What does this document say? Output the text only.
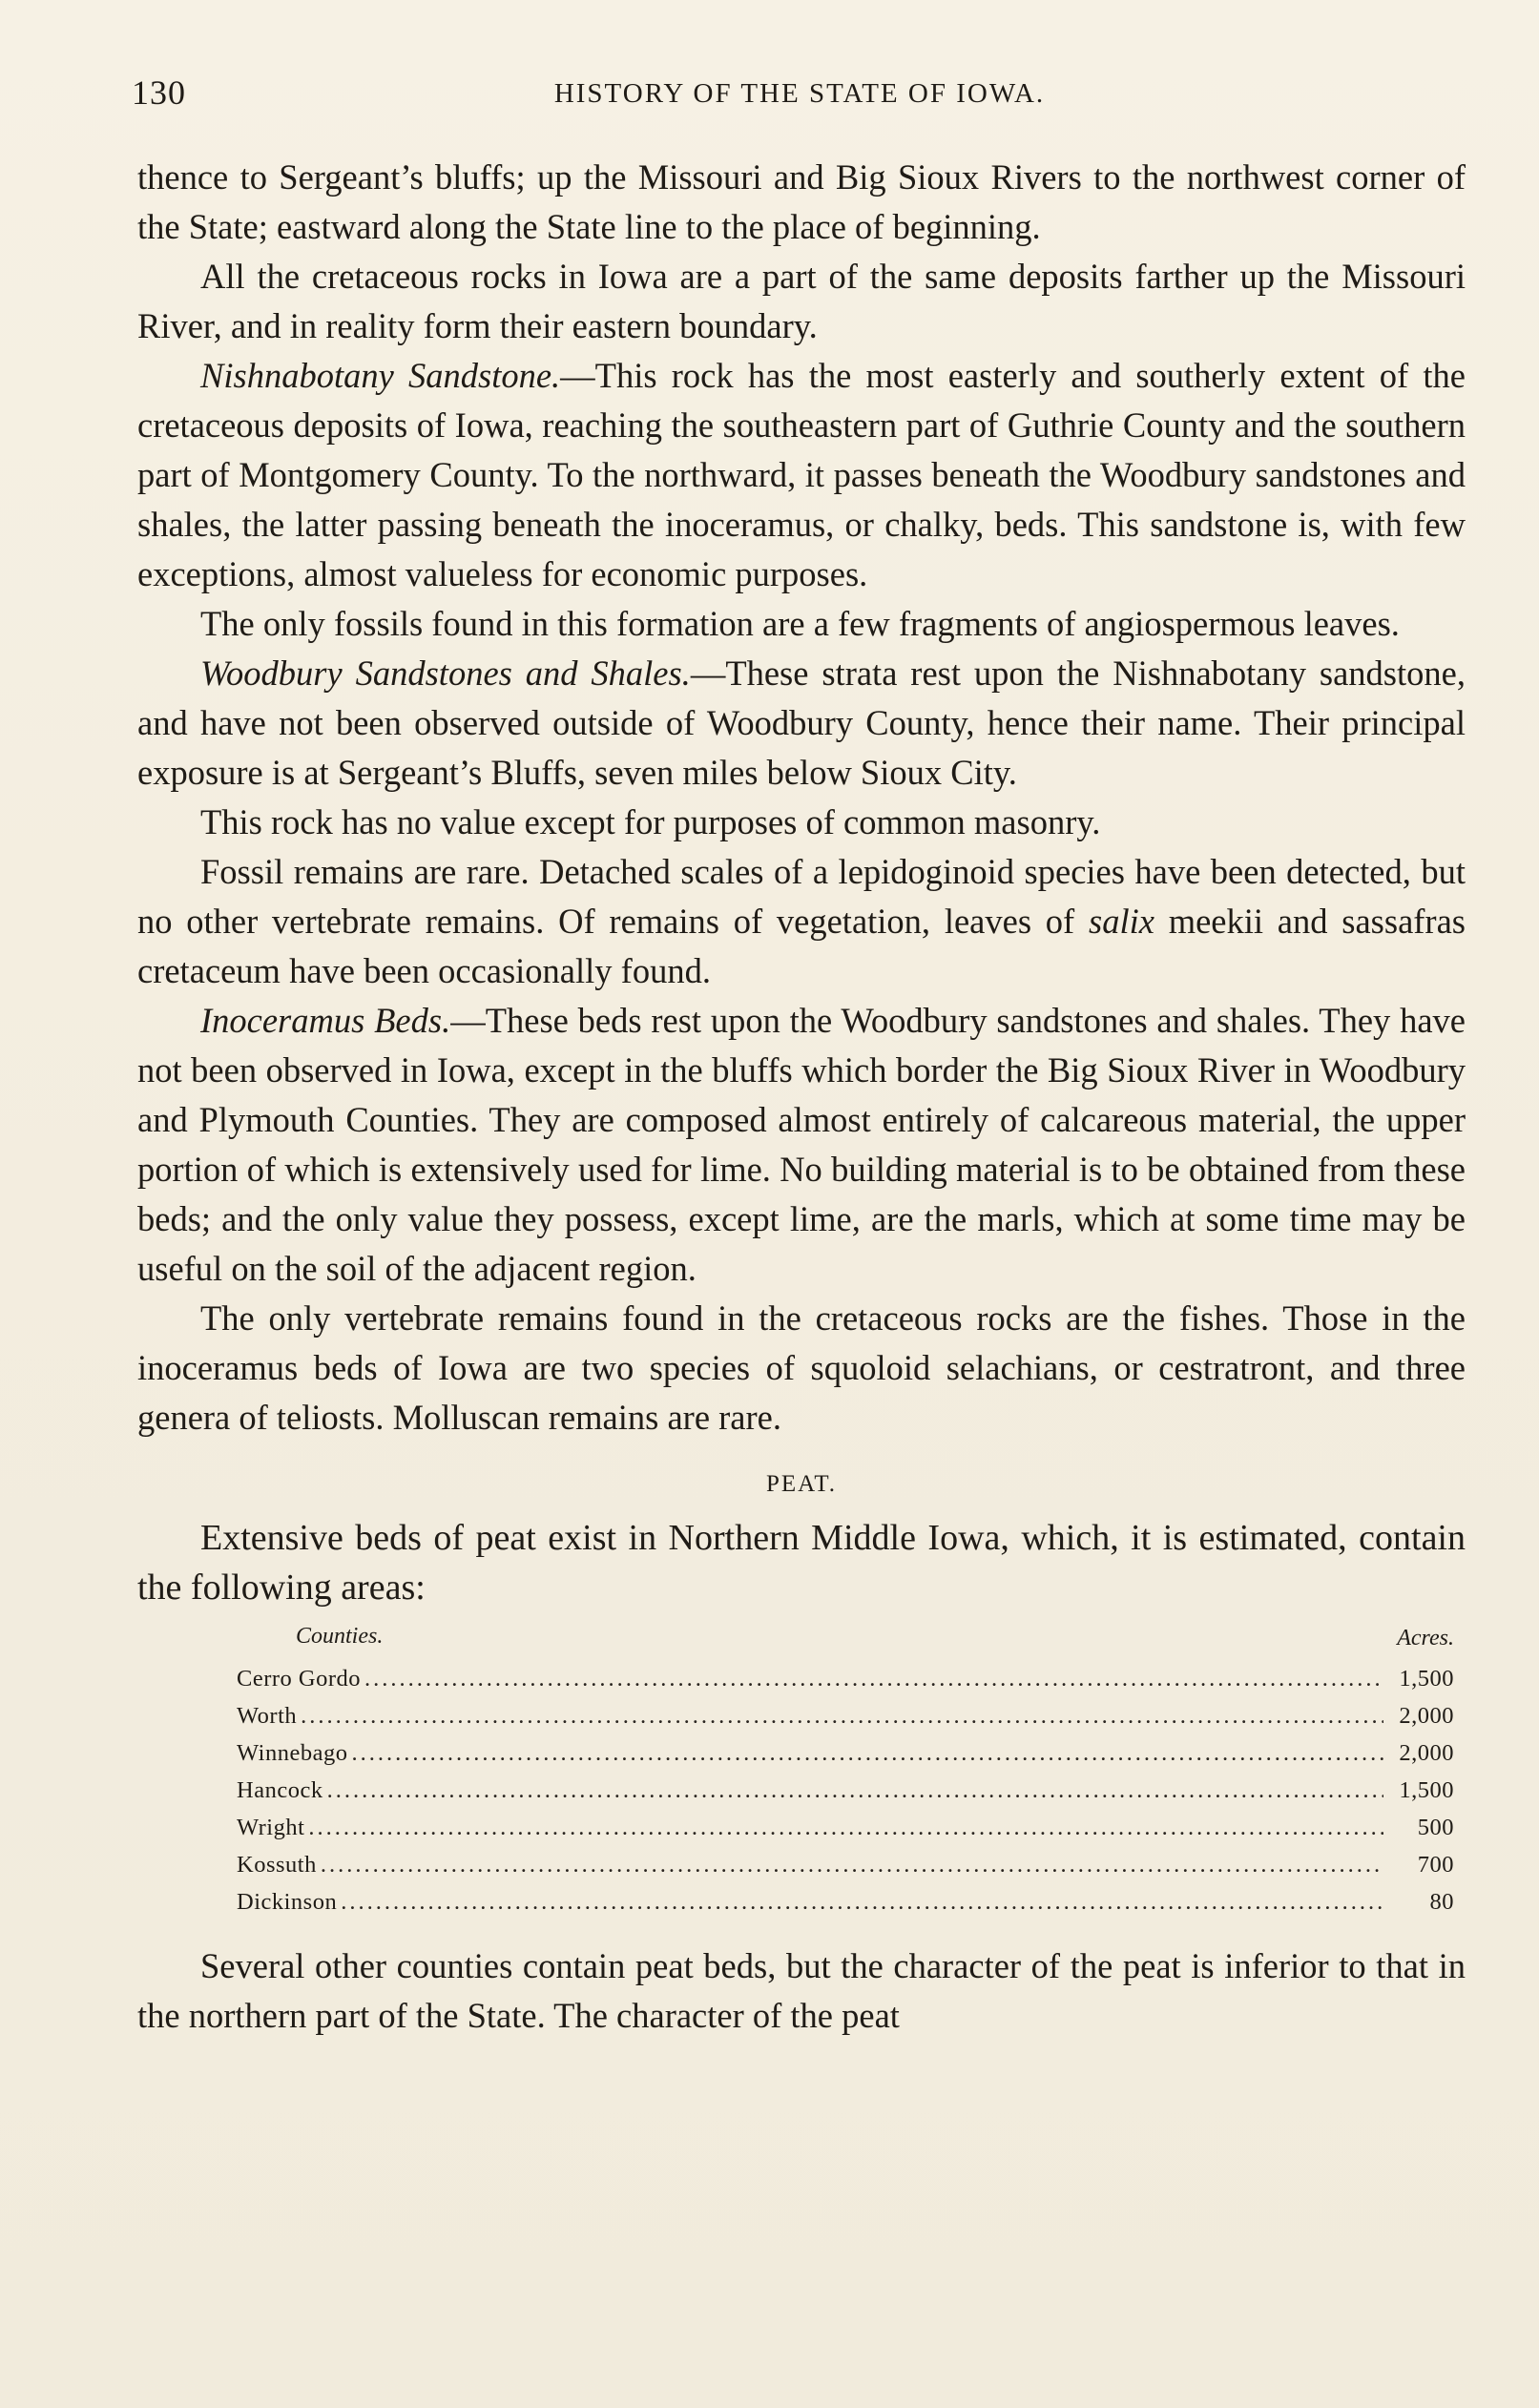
130	HISTORY OF THE STATE OF IOWA.

thence to Sergeant’s bluffs; up the Missouri and Big Sioux Rivers to the northwest corner of the State; eastward along the State line to the place of beginning.

All the cretaceous rocks in Iowa are a part of the same deposits farther up the Missouri River, and in reality form their eastern boundary.

Nishnabotany Sandstone.—This rock has the most easterly and southerly extent of the cretaceous deposits of Iowa, reaching the southeastern part of Guthrie County and the southern part of Montgomery County. To the northward, it passes beneath the Woodbury sandstones and shales, the latter passing beneath the inoceramus, or chalky, beds. This sandstone is, with few exceptions, almost valueless for economic purposes.

The only fossils found in this formation are a few fragments of angiospermous leaves.

Woodbury Sandstones and Shales.—These strata rest upon the Nishnabotany sandstone, and have not been observed outside of Woodbury County, hence their name. Their principal exposure is at Sergeant’s Bluffs, seven miles below Sioux City.

This rock has no value except for purposes of common masonry.

Fossil remains are rare. Detached scales of a lepidoginoid species have been detected, but no other vertebrate remains. Of remains of vegetation, leaves of salix meekii and sassafras cretaceum have been occasionally found.

Inoceramus Beds.—These beds rest upon the Woodbury sandstones and shales. They have not been observed in Iowa, except in the bluffs which border the Big Sioux River in Woodbury and Plymouth Counties. They are composed almost entirely of calcareous material, the upper portion of which is extensively used for lime. No building material is to be obtained from these beds; and the only value they possess, except lime, are the marls, which at some time may be useful on the soil of the adjacent region.

The only vertebrate remains found in the cretaceous rocks are the fishes. Those in the inoceramus beds of Iowa are two species of squoloid selachians, or cestratront, and three genera of teliosts. Molluscan remains are rare.

PEAT.

Extensive beds of peat exist in Northern Middle Iowa, which, it is estimated, contain the following areas:

Counties.	Acres.
Cerro Gordo .....	1,500
Worth .....	2,000
Winnebago .....	2,000
Hancock .....	1,500
Wright .....	500
Kossuth .....	700
Dickinson .....	80

Several other counties contain peat beds, but the character of the peat is inferior to that in the northern part of the State. The character of the peat
